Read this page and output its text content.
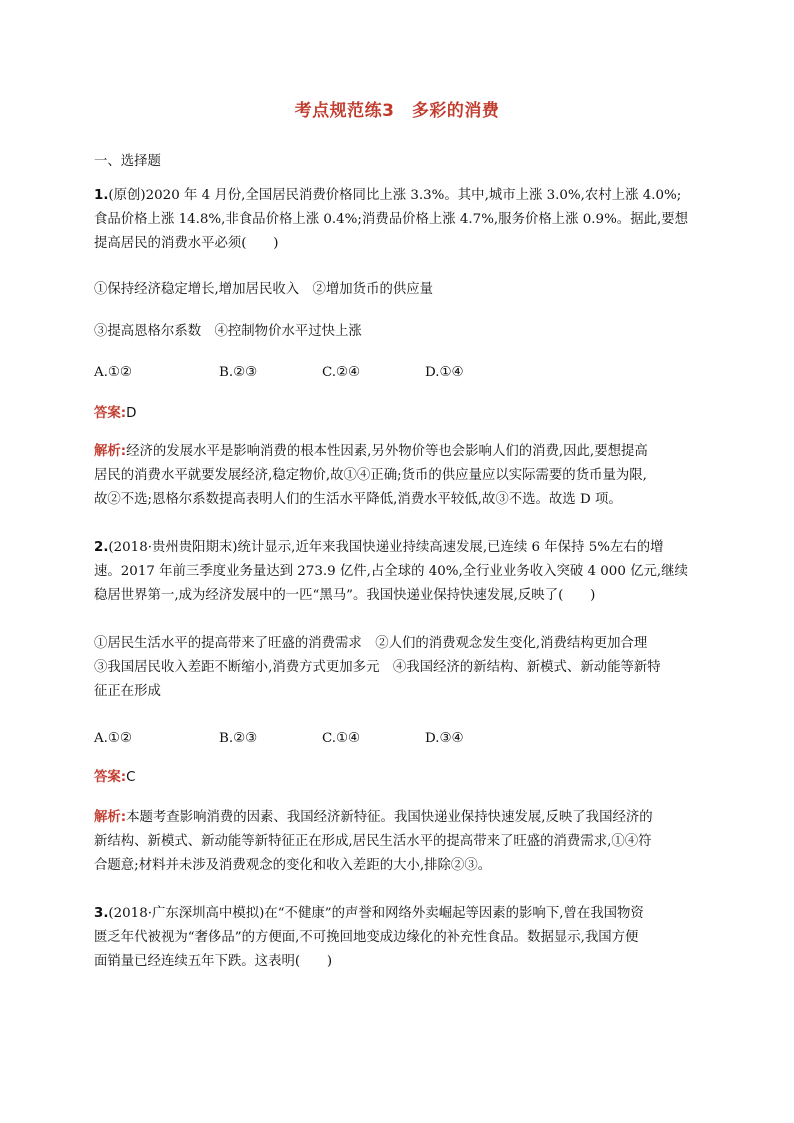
考点规范练3　多彩的消费
一、选择题
1.(原创)2020 年 4 月份,全国居民消费价格同比上涨 3.3%。其中,城市上涨 3.0%,农村上涨 4.0%;
食品价格上涨 14.8%,非食品价格上涨 0.4%;消费品价格上涨 4.7%,服务价格上涨 0.9%。据此,要想
提高居民的消费水平必须(　　)
①保持经济稳定增长,增加居民收入　②增加货币的供应量
③提高恩格尔系数　④控制物价水平过快上涨
A.①②	B.②③	C.②④	D.①④
答案:D
解析:经济的发展水平是影响消费的根本性因素,另外物价等也会影响人们的消费,因此,要想提高
居民的消费水平就要发展经济,稳定物价,故①④正确;货币的供应量应以实际需要的货币量为限,
故②不选;恩格尔系数提高表明人们的生活水平降低,消费水平较低,故③不选。故选 D 项。
2.(2018·贵州贵阳期末)统计显示,近年来我国快递业持续高速发展,已连续 6 年保持 5%左右的增
速。2017 年前三季度业务量达到 273.9 亿件,占全球的 40%,全行业业务收入突破 4 000 亿元,继续
稳居世界第一,成为经济发展中的一匹“黑马”。我国快递业保持快速发展,反映了(　　)
①居民生活水平的提高带来了旺盛的消费需求　②人们的消费观念发生变化,消费结构更加合理
③我国居民收入差距不断缩小,消费方式更加多元　④我国经济的新结构、新模式、新动能等新特
征正在形成
A.①②	B.②③	C.①④	D.③④
答案:C
解析:本题考查影响消费的因素、我国经济新特征。我国快递业保持快速发展,反映了我国经济的
新结构、新模式、新动能等新特征正在形成,居民生活水平的提高带来了旺盛的消费需求,①④符
合题意;材料并未涉及消费观念的变化和收入差距的大小,排除②③。
3.(2018·广东深圳高中模拟)在“不健康”的声誉和网络外卖崛起等因素的影响下,曾在我国物资
匮乏年代被视为“奢侈品”的方便面,不可挽回地变成边缘化的补充性食品。数据显示,我国方便
面销量已经连续五年下跌。这表明(　　)
